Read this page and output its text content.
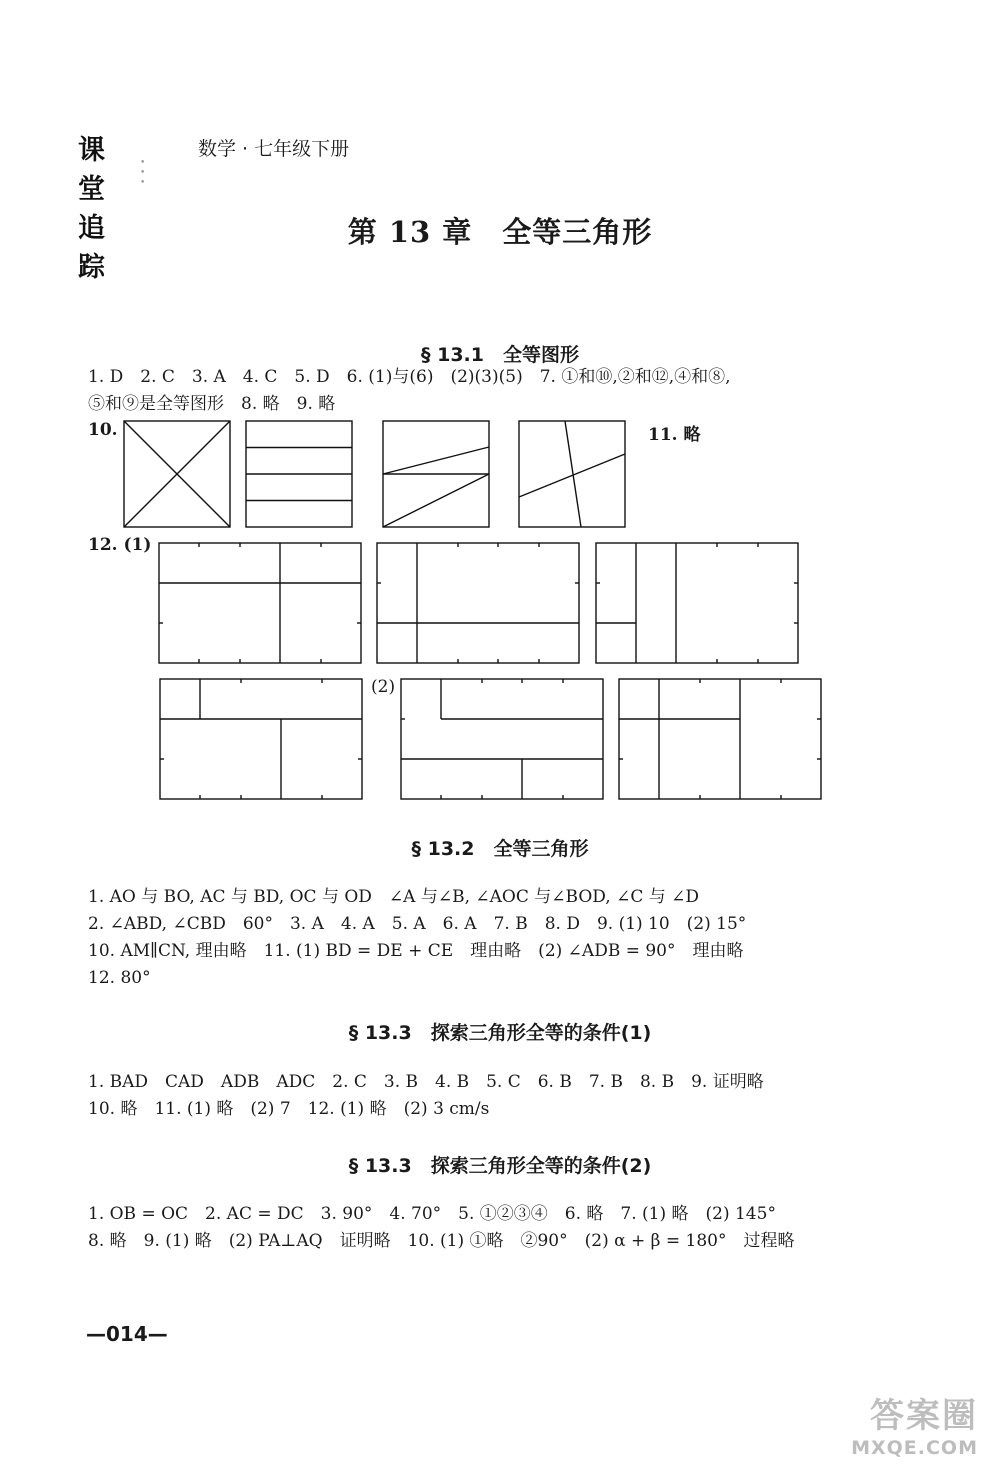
课堂追踪
• • •
数学 · 七年级下册
第 13 章　全等三角形
§ 13.1　全等图形
1. D　2. C　3. A　4. C　5. D　6. (1)与(6)　(2)(3)(5)　7. ①和⑩,②和⑫,④和⑧,
⑤和⑨是全等图形　8. 略　9. 略
10.	11. 略
12. (1)
(2)
§ 13.2　全等三角形
1. AO 与 BO, AC 与 BD, OC 与 OD　∠A 与∠B, ∠AOC 与∠BOD, ∠C 与 ∠D
2. ∠ABD, ∠CBD　60°　3. A　4. A　5. A　6. A　7. B　8. D　9. (1) 10　(2) 15°
10. AM∥CN, 理由略　11. (1) BD = DE + CE　理由略　(2) ∠ADB = 90°　理由略
12. 80°
§ 13.3　探索三角形全等的条件(1)
1. BAD　CAD　ADB　ADC　2. C　3. B　4. B　5. C　6. B　7. B　8. B　9. 证明略
10. 略　11. (1) 略　(2) 7　12. (1) 略　(2) 3 cm/s
§ 13.3　探索三角形全等的条件(2)
1. OB = OC　2. AC = DC　3. 90°　4. 70°　5. ①②③④　6. 略　7. (1) 略　(2) 145°
8. 略　9. (1) 略　(2) PA⊥AQ　证明略　10. (1) ①略　②90°　(2) α + β = 180°　过程略
—014—
答案圈
MXQE.COM
